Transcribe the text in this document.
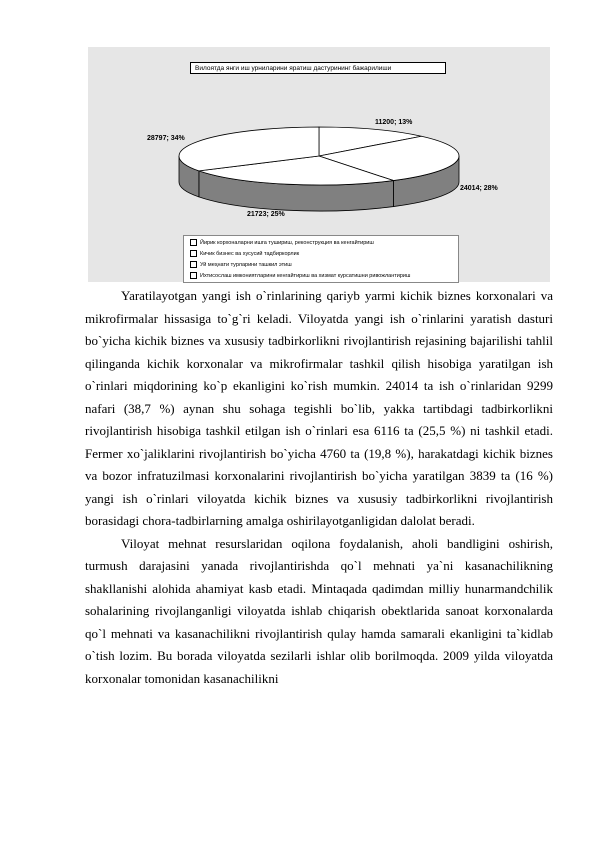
Вилоятда янги иш урниларини яратиш дастурининг бажарилиши
11200; 13%
24014; 28%
21723; 25%
28797; 34%
Йирик корхоналарни ишга тушириш, реконструкция ва кенгайтириш
Кичик бизнес ва хусусий тадбиркорлик
Уй меҳнати турларини ташкил этиш
Ихтисослаш имкониятларини кенгайтириш ва хизмат курсатишни ривожлантириш

Yaratilayotgan yangi ish o`rinlarining qariyb yarmi kichik biznes korxonalari va mikrofirmalar hissasiga to`g`ri keladi. Viloyatda yangi ish o`rinlarini yaratish dasturi bo`yicha kichik biznes va xususiy tadbirkorlikni rivojlantirish rejasining bajarilishi tahlil qilinganda kichik korxonalar va mikrofirmalar tashkil qilish hisobiga yaratilgan ish o`rinlari miqdorining ko`p ekanligini ko`rish mumkin. 24014 ta ish o`rinlaridan 9299 nafari (38,7 %) aynan shu sohaga tegishli bo`lib, yakka tartibdagi tadbirkorlikni rivojlantirish hisobiga tashkil etilgan ish o`rinlari esa 6116 ta (25,5 %) ni tashkil etadi. Fermer xo`jaliklarini rivojlantirish bo`yicha 4760 ta (19,8 %), harakatdagi kichik biznes va bozor infratuzilmasi korxonalarini rivojlantirish bo`yicha yaratilgan 3839 ta (16 %) yangi ish o`rinlari viloyatda kichik biznes va xususiy tadbirkorlikni rivojlantirish borasidagi chora-tadbirlarning amalga oshirilayotganligidan dalolat beradi.

Viloyat mehnat resurslaridan oqilona foydalanish, aholi bandligini oshirish, turmush darajasini yanada rivojlantirishda qo`l mehnati ya`ni kasanachilikning shakllanishi alohida ahamiyat kasb etadi. Mintaqada qadimdan milliy hunarmandchilik sohalarining rivojlanganligi viloyatda ishlab chiqarish obektlarida sanoat korxonalarda qo`l mehnati va kasanachilikni rivojlantirish qulay hamda samarali ekanligini ta`kidlab o`tish lozim. Bu borada viloyatda sezilarli ishlar olib borilmoqda. 2009 yilda viloyatda korxonalar tomonidan kasanachilikni
